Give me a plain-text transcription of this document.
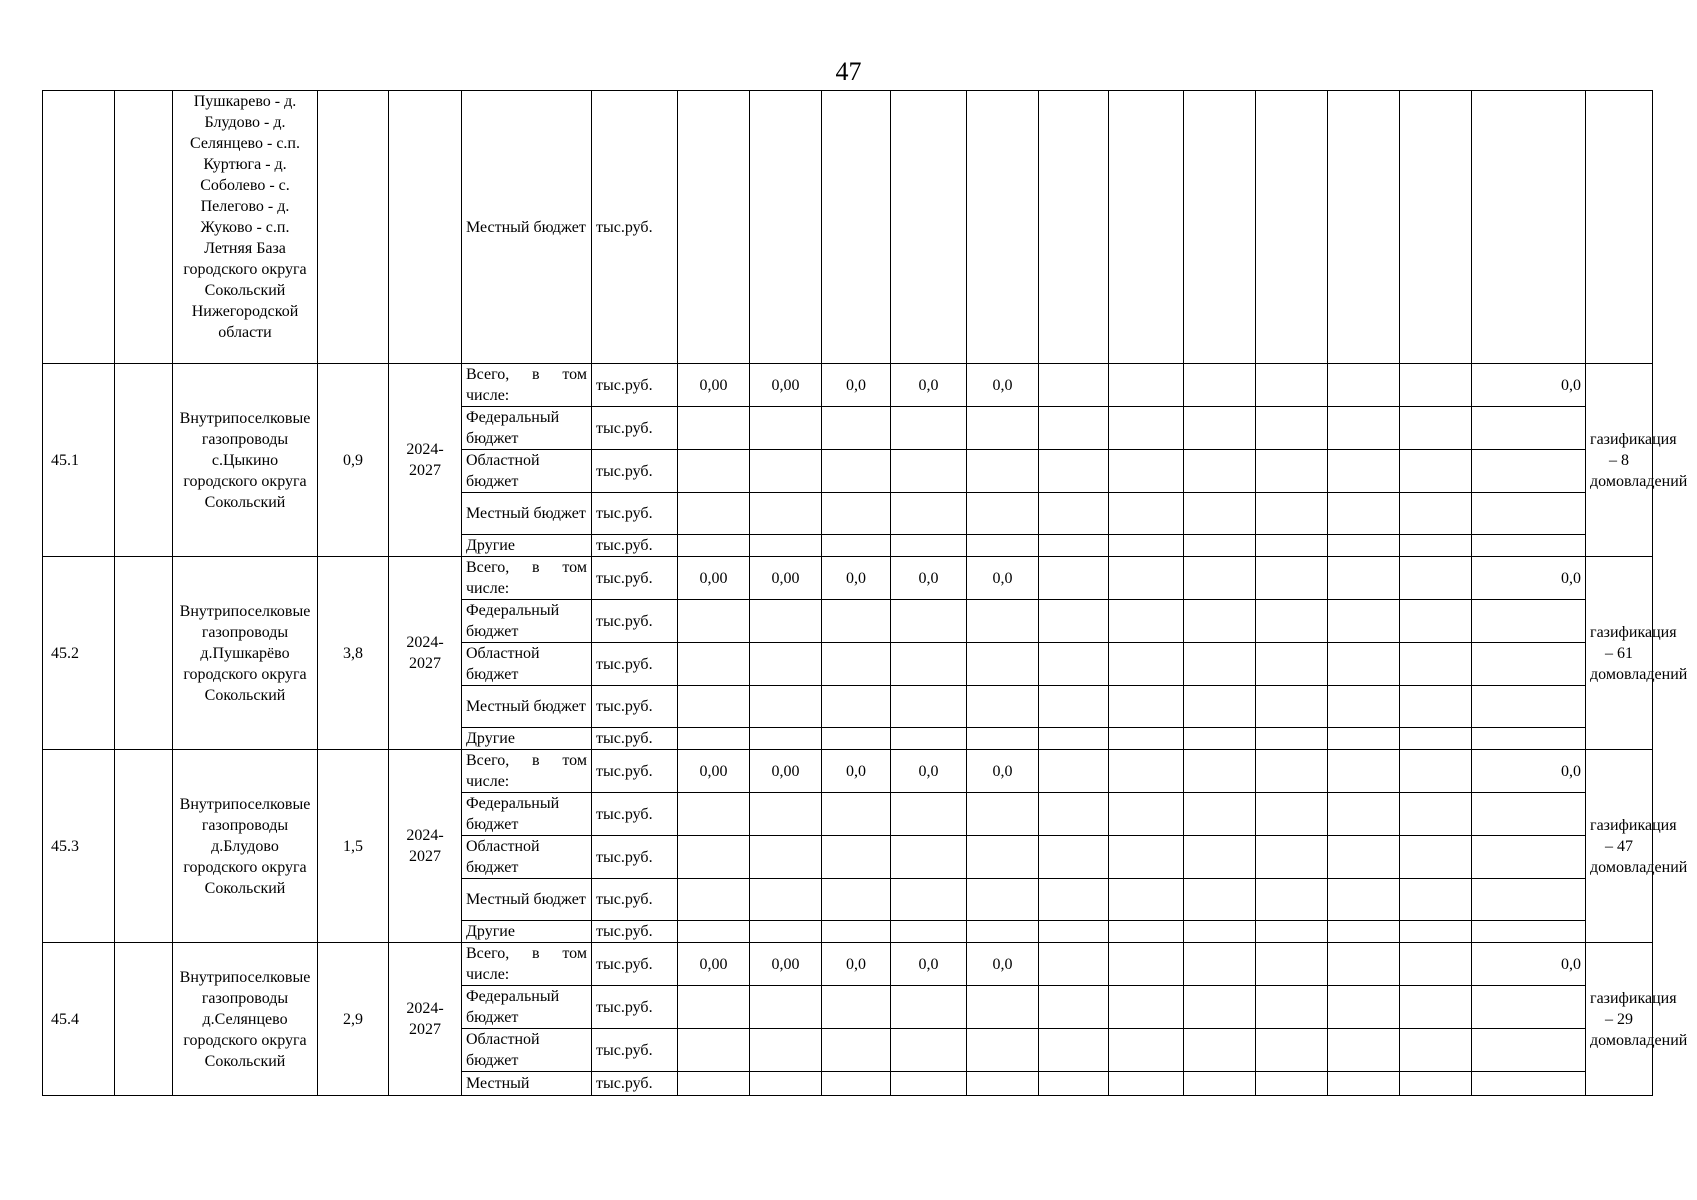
47
		Пушкарево - д. Блудово - д. Селянцево - с.п. Куртюга - д. Соболево - с. Пелегово - д. Жуково - с.п. Летняя База городского округа Сокольский Нижегородской области			Местный бюджет	тыс.руб.													
45.1		Внутрипоселковые газопроводы с.Цыкино городского округа Сокольский	0,9	2024-2027	Всего, в том числе:	тыс.руб.	0,00	0,00	0,0	0,0	0,0							0,0	газификация – 8 домовладений
					Федеральный бюджет	тыс.руб.													
					Областной бюджет	тыс.руб.													
					Местный бюджет	тыс.руб.													
					Другие	тыс.руб.													
45.2		Внутрипоселковые газопроводы д.Пушкарёво городского округа Сокольский	3,8	2024-2027	Всего, в том числе:	тыс.руб.	0,00	0,00	0,0	0,0	0,0							0,0	газификация – 61 домовладений
					Федеральный бюджет	тыс.руб.													
					Областной бюджет	тыс.руб.													
					Местный бюджет	тыс.руб.													
					Другие	тыс.руб.													
45.3		Внутрипоселковые газопроводы д.Блудово городского округа Сокольский	1,5	2024-2027	Всего, в том числе:	тыс.руб.	0,00	0,00	0,0	0,0	0,0							0,0	газификация – 47 домовладений
					Федеральный бюджет	тыс.руб.													
					Областной бюджет	тыс.руб.													
					Местный бюджет	тыс.руб.													
					Другие	тыс.руб.													
45.4		Внутрипоселковые газопроводы д.Селянцево городского округа Сокольский	2,9	2024-2027	Всего, в том числе:	тыс.руб.	0,00	0,00	0,0	0,0	0,0							0,0	газификация – 29 домовладений
					Федеральный бюджет	тыс.руб.													
					Областной бюджет	тыс.руб.													
					Местный	тыс.руб.													
